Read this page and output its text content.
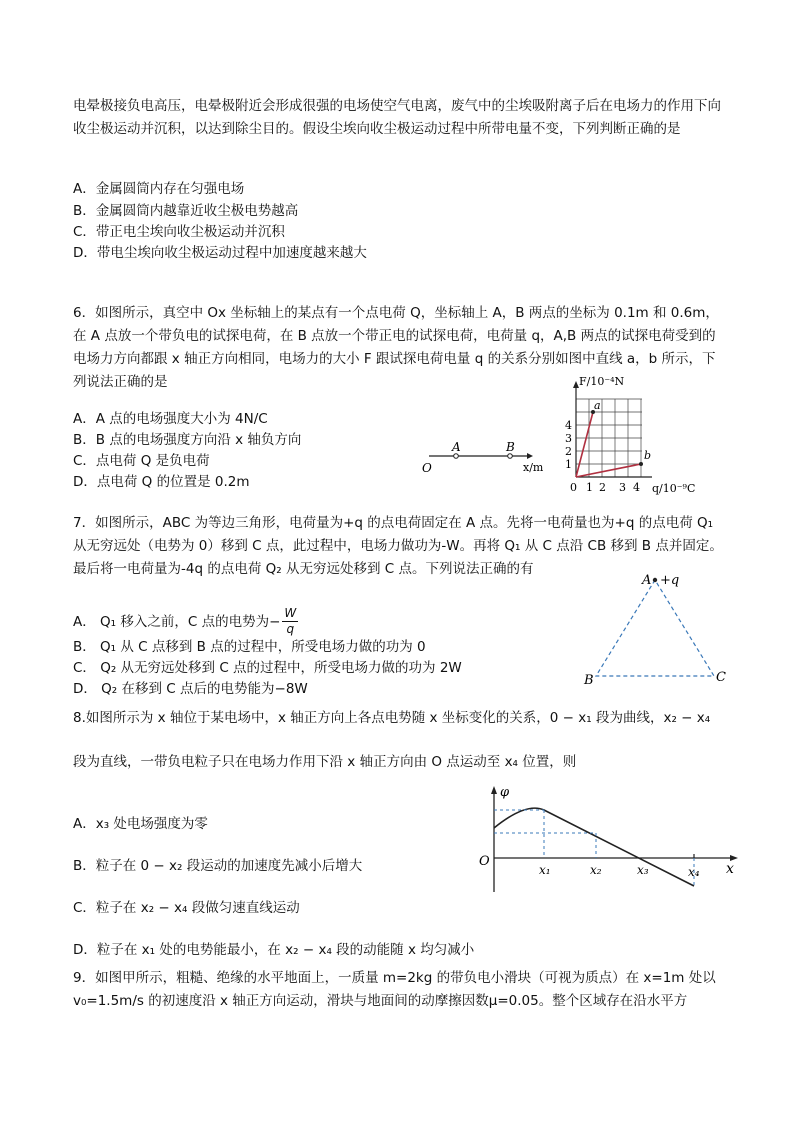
电晕极接负电高压，电晕极附近会形成很强的电场使空气电离，废气中的尘埃吸附离子后在电场力的作用下向收尘极运动并沉积，以达到除尘目的。假设尘埃向收尘极运动过程中所带电量不变，下列判断正确的是

A．金属圆筒内存在匀强电场
B．金属圆筒内越靠近收尘极电势越高
C．带正电尘埃向收尘极运动并沉积
D．带电尘埃向收尘极运动过程中加速度越来越大

6．如图所示，真空中 Ox 坐标轴上的某点有一个点电荷 Q，坐标轴上 A，B 两点的坐标为 0.1m 和 0.6m，在 A 点放一个带负电的试探电荷，在 B 点放一个带正电的试探电荷，电荷量 q，A,B 两点的试探电荷受到的电场力方向都跟 x 轴正方向相同，电场力的大小 F 跟试探电荷电量 q 的关系分别如图中直线 a，b 所示，下列说法正确的是

A．A 点的电场强度大小为 4N/C
B．B 点的电场强度方向沿 x 轴负方向
C．点电荷 Q 是负电荷
D．点电荷 Q 的位置是 0.2m
O
A	B
x/m
a
b
F/10⁻⁴N
q/10⁻⁹C
1
2
3
4
0 1 2 3 4

7．如图所示，ABC 为等边三角形，电荷量为+q 的点电荷固定在 A 点。先将一电荷量也为+q 的点电荷 Q₁ 从无穷远处（电势为 0）移到 C 点，此过程中，电场力做功为-W。再将 Q₁ 从 C 点沿 CB 移到 B 点并固定。最后将一电荷量为-4q 的点电荷 Q₂ 从无穷远处移到 C 点。下列说法正确的有

A． Q₁ 移入之前，C 点的电势为− $\frac{W}{q}$
B． Q₁ 从 C 点移到 B 点的过程中，所受电场力做的功为 0
C． Q₂ 从无穷远处移到 C 点的过程中，所受电场力做的功为 2W
D． Q₂ 在移到 C 点后的电势能为−8W
A +q
B	C
8.如图所示为 x 轴位于某电场中，x 轴正方向上各点电势随 x 坐标变化的关系，0 − x₁ 段为曲线，x₂ − x₄
段为直线，一带负电粒子只在电场力作用下沿 x 轴正方向由 O 点运动至 x₄ 位置，则
A．x₃ 处电场强度为零
B．粒子在 0 − x₂ 段运动的加速度先减小后增大
C．粒子在 x₂ − x₄ 段做匀速直线运动
D．粒子在 x₁ 处的电势能最小，在 x₂ − x₄ 段的动能随 x 均匀减小
φ
O	x
x₁	x₂	x₃	x₄

9．如图甲所示，粗糙、绝缘的水平地面上，一质量 m=2kg 的带负电小滑块（可视为质点）在 x=1m 处以 v₀=1.5m/s 的初速度沿 x 轴正方向运动，滑块与地面间的动摩擦因数μ=0.05。整个区域存在沿水平方
